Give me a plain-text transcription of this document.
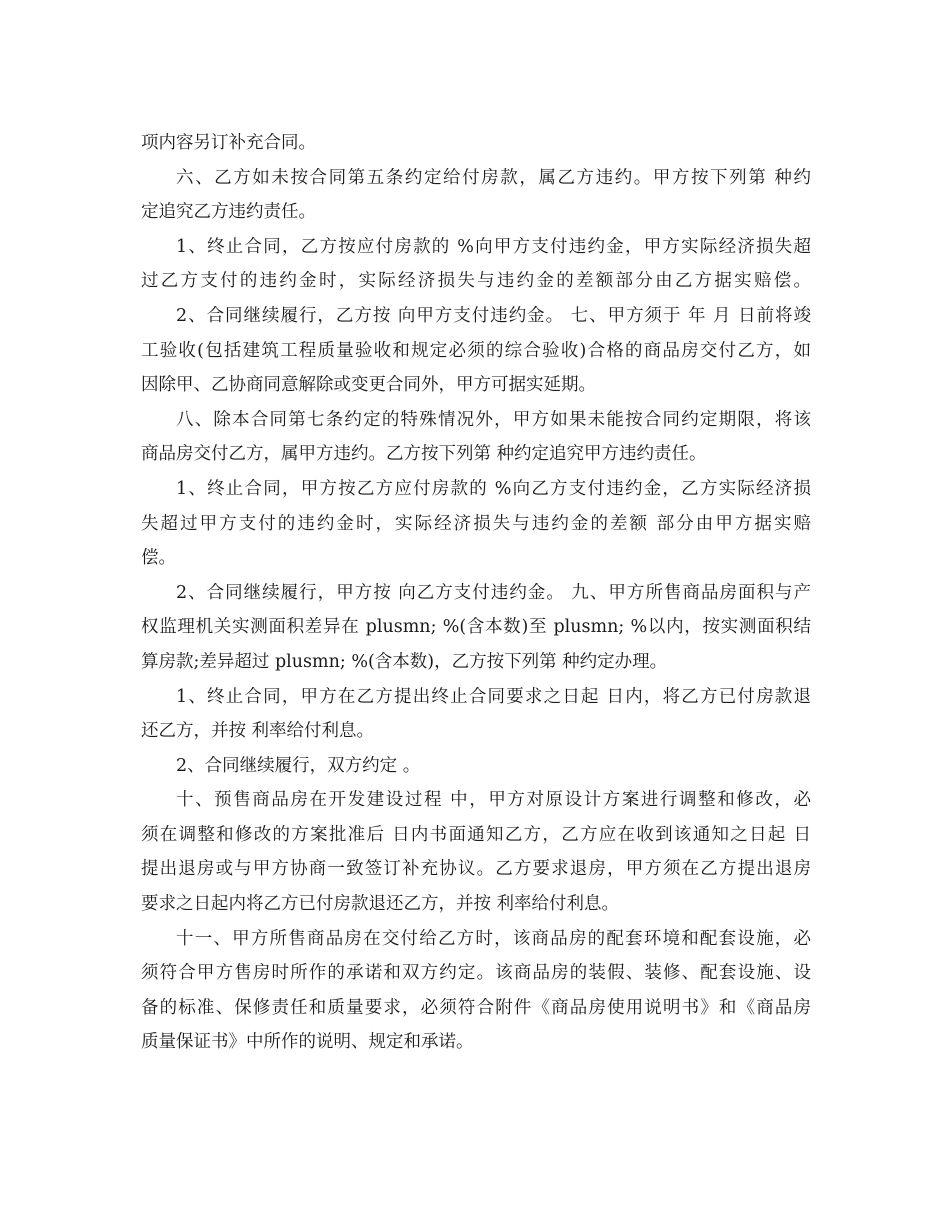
项内容另订补充合同。
六、乙方如未按合同第五条约定给付房款，属乙方违约。甲方按下列第 种约
定追究乙方违约责任。
1、终止合同，乙方按应付房款的 %向甲方支付违约金，甲方实际经济损失超
过乙方支付的违约金时，实际经济损失与违约金的差额部分由乙方据实赔偿。
2、合同继续履行，乙方按 向甲方支付违约金。 七、甲方须于 年 月 日前将竣
工验收(包括建筑工程质量验收和规定必须的综合验收)合格的商品房交付乙方，如
因除甲、乙协商同意解除或变更合同外，甲方可据实延期。
八、除本合同第七条约定的特殊情况外，甲方如果未能按合同约定期限，将该
商品房交付乙方，属甲方违约。乙方按下列第 种约定追究甲方违约责任。
1、终止合同，甲方按乙方应付房款的 %向乙方支付违约金，乙方实际经济损
失超过甲方支付的违约金时，实际经济损失与违约金的差额 部分由甲方据实赔
偿。
2、合同继续履行，甲方按 向乙方支付违约金。 九、甲方所售商品房面积与产
权监理机关实测面积差异在 plusmn; %(含本数)至 plusmn; %以内，按实测面积结
算房款;差异超过 plusmn; %(含本数)，乙方按下列第 种约定办理。
1、终止合同，甲方在乙方提出终止合同要求之日起 日内，将乙方已付房款退
还乙方，并按 利率给付利息。
2、合同继续履行，双方约定 。
十、预售商品房在开发建设过程 中，甲方对原设计方案进行调整和修改，必
须在调整和修改的方案批准后 日内书面通知乙方，乙方应在收到该通知之日起 日
提出退房或与甲方协商一致签订补充协议。乙方要求退房，甲方须在乙方提出退房
要求之日起内将乙方已付房款退还乙方，并按 利率给付利息。
十一、甲方所售商品房在交付给乙方时，该商品房的配套环境和配套设施，必
须符合甲方售房时所作的承诺和双方约定。该商品房的装假、装修、配套设施、设
备的标准、保修责任和质量要求，必须符合附件《商品房使用说明书》和《商品房
质量保证书》中所作的说明、规定和承诺。
